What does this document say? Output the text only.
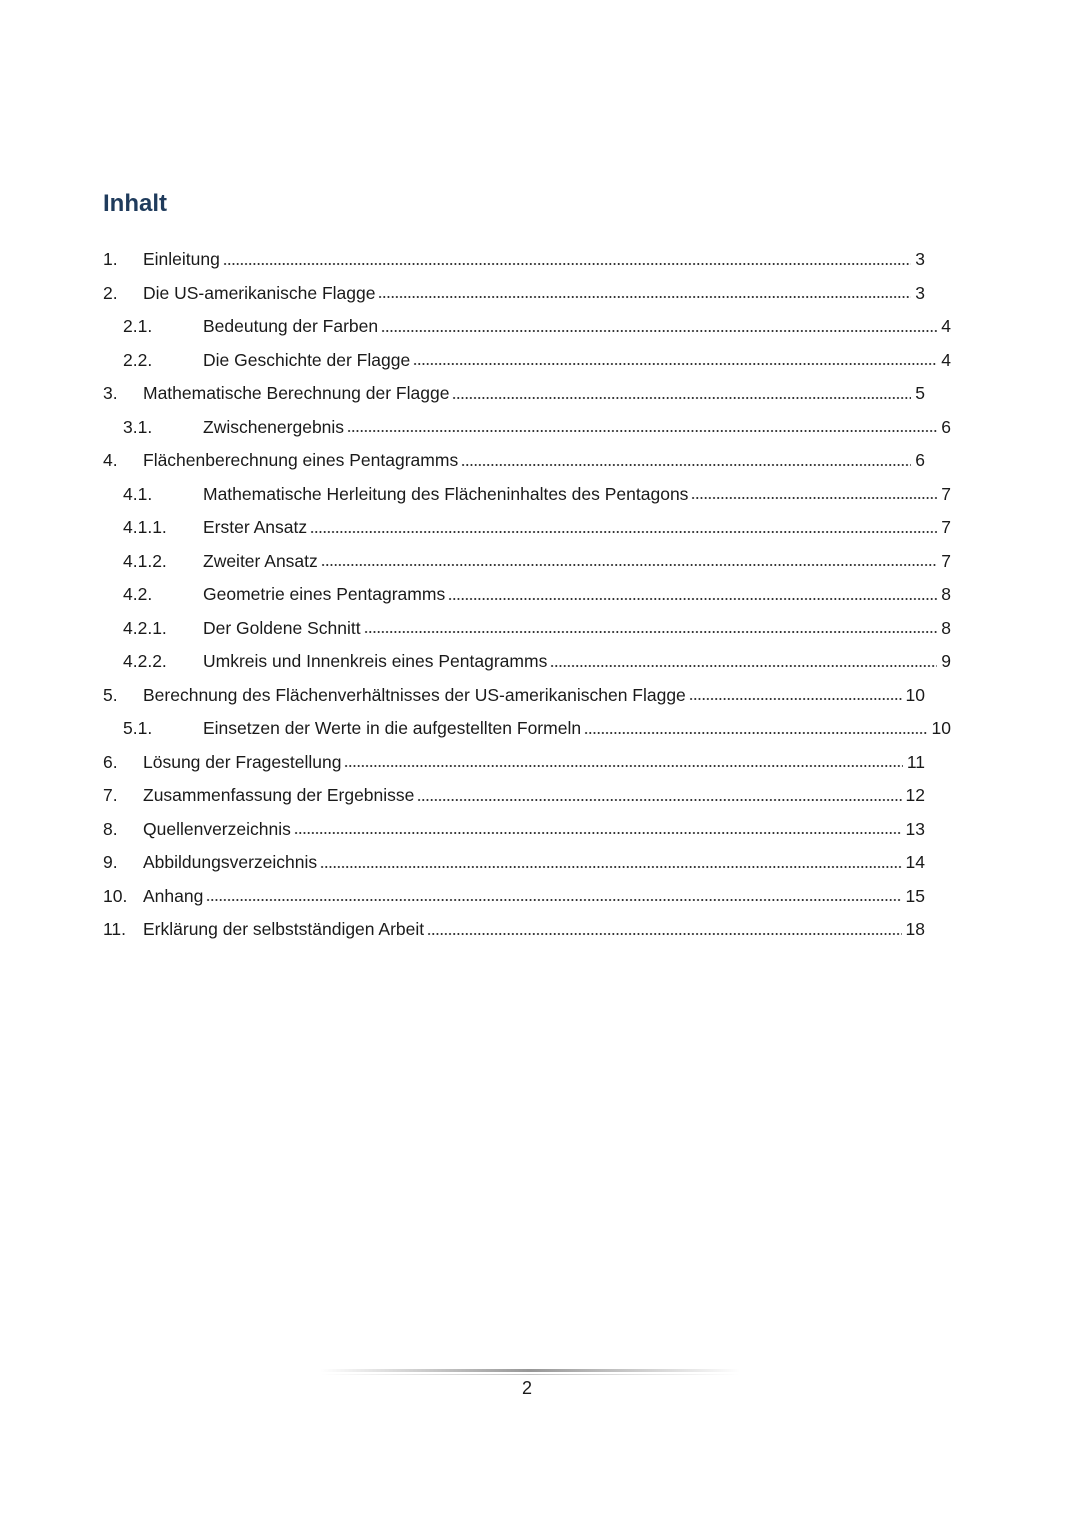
Inhalt
1.	Einleitung	3
2.	Die US-amerikanische Flagge	3
2.1.	Bedeutung der Farben	4
2.2.	Die Geschichte der Flagge	4
3.	Mathematische Berechnung der Flagge	5
3.1.	Zwischenergebnis	6
4.	Flächenberechnung eines Pentagramms	6
4.1.	Mathematische Herleitung des Flächeninhaltes des Pentagons	7
4.1.1.	Erster Ansatz	7
4.1.2.	Zweiter Ansatz	7
4.2.	Geometrie eines Pentagramms	8
4.2.1.	Der Goldene Schnitt	8
4.2.2.	Umkreis und Innenkreis eines Pentagramms	9
5.	Berechnung des Flächenverhältnisses der US-amerikanischen Flagge	10
5.1.	Einsetzen der Werte in die aufgestellten Formeln	10
6.	Lösung der Fragestellung	11
7.	Zusammenfassung der Ergebnisse	12
8.	Quellenverzeichnis	13
9.	Abbildungsverzeichnis	14
10. Anhang	15
11. Erklärung der selbstständigen Arbeit	18
2
